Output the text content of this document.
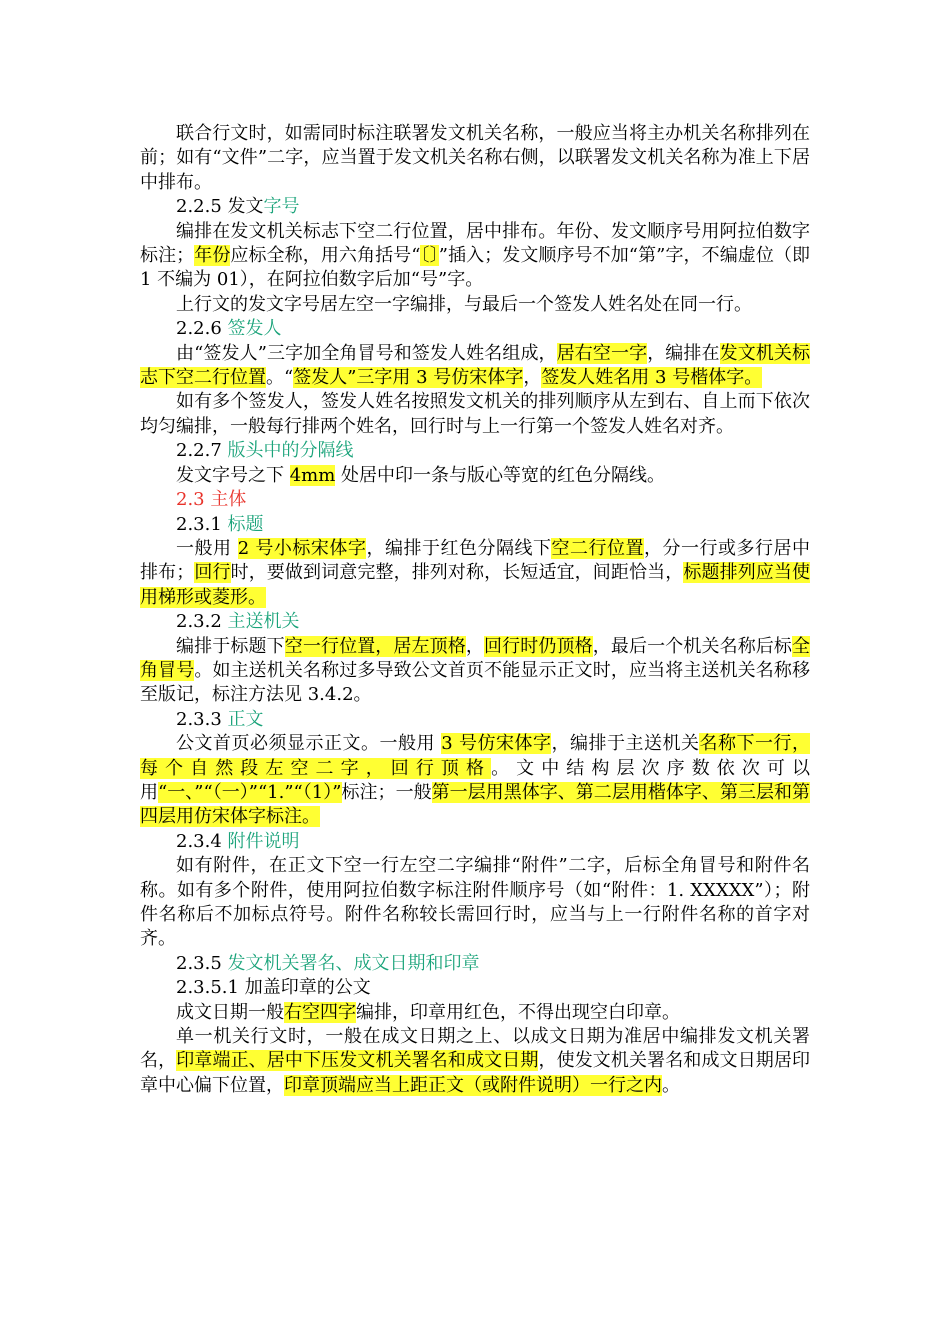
联合行文时，如需同时标注联署发文机关名称，一般应当将主办机关名称排列在前；如有“文件”二字，应当置于发文机关名称右侧，以联署发文机关名称为准上下居中排布。

2.2.5 发文字号

编排在发文机关标志下空二行位置，居中排布。年份、发文顺序号用阿拉伯数字标注；年份应标全称，用六角括号“〔〕”插入；发文顺序号不加“第”字，不编虚位（即 1 不编为 01），在阿拉伯数字后加“号”字。

上行文的发文字号居左空一字编排，与最后一个签发人姓名处在同一行。

2.2.6 签发人

由“签发人”三字加全角冒号和签发人姓名组成，居右空一字，编排在发文机关标志下空二行位置。“签发人”三字用 3 号仿宋体字，签发人姓名用 3 号楷体字。

如有多个签发人，签发人姓名按照发文机关的排列顺序从左到右、自上而下依次均匀编排，一般每行排两个姓名，回行时与上一行第一个签发人姓名对齐。

2.2.7 版头中的分隔线

发文字号之下 4mm 处居中印一条与版心等宽的红色分隔线。

2.3 主体

2.3.1 标题

一般用 2 号小标宋体字，编排于红色分隔线下空二行位置，分一行或多行居中排布；回行时，要做到词意完整，排列对称，长短适宜，间距恰当，标题排列应当使用梯形或菱形。

2.3.2 主送机关

编排于标题下空一行位置，居左顶格，回行时仍顶格，最后一个机关名称后标全角冒号。如主送机关名称过多导致公文首页不能显示正文时，应当将主送机关名称移至版记，标注方法见 3.4.2。

2.3.3 正文

公文首页必须显示正文。一般用 3 号仿宋体字，编排于主送机关名称下一行，每个自然段左空二字，回行顶格。文中结构层次序数依次可以用“一、”“（一）”“1.”“（1）”标注；一般第一层用黑体字、第二层用楷体字、第三层和第四层用仿宋体字标注。

2.3.4 附件说明

如有附件，在正文下空一行左空二字编排“附件”二字，后标全角冒号和附件名称。如有多个附件，使用阿拉伯数字标注附件顺序号（如“附件：1. XXXXX”）；附件名称后不加标点符号。附件名称较长需回行时，应当与上一行附件名称的首字对齐。

2.3.5 发文机关署名、成文日期和印章

2.3.5.1 加盖印章的公文

成文日期一般右空四字编排，印章用红色，不得出现空白印章。

单一机关行文时，一般在成文日期之上、以成文日期为准居中编排发文机关署名，印章端正、居中下压发文机关署名和成文日期，使发文机关署名和成文日期居印章中心偏下位置，印章顶端应当上距正文（或附件说明）一行之内。
